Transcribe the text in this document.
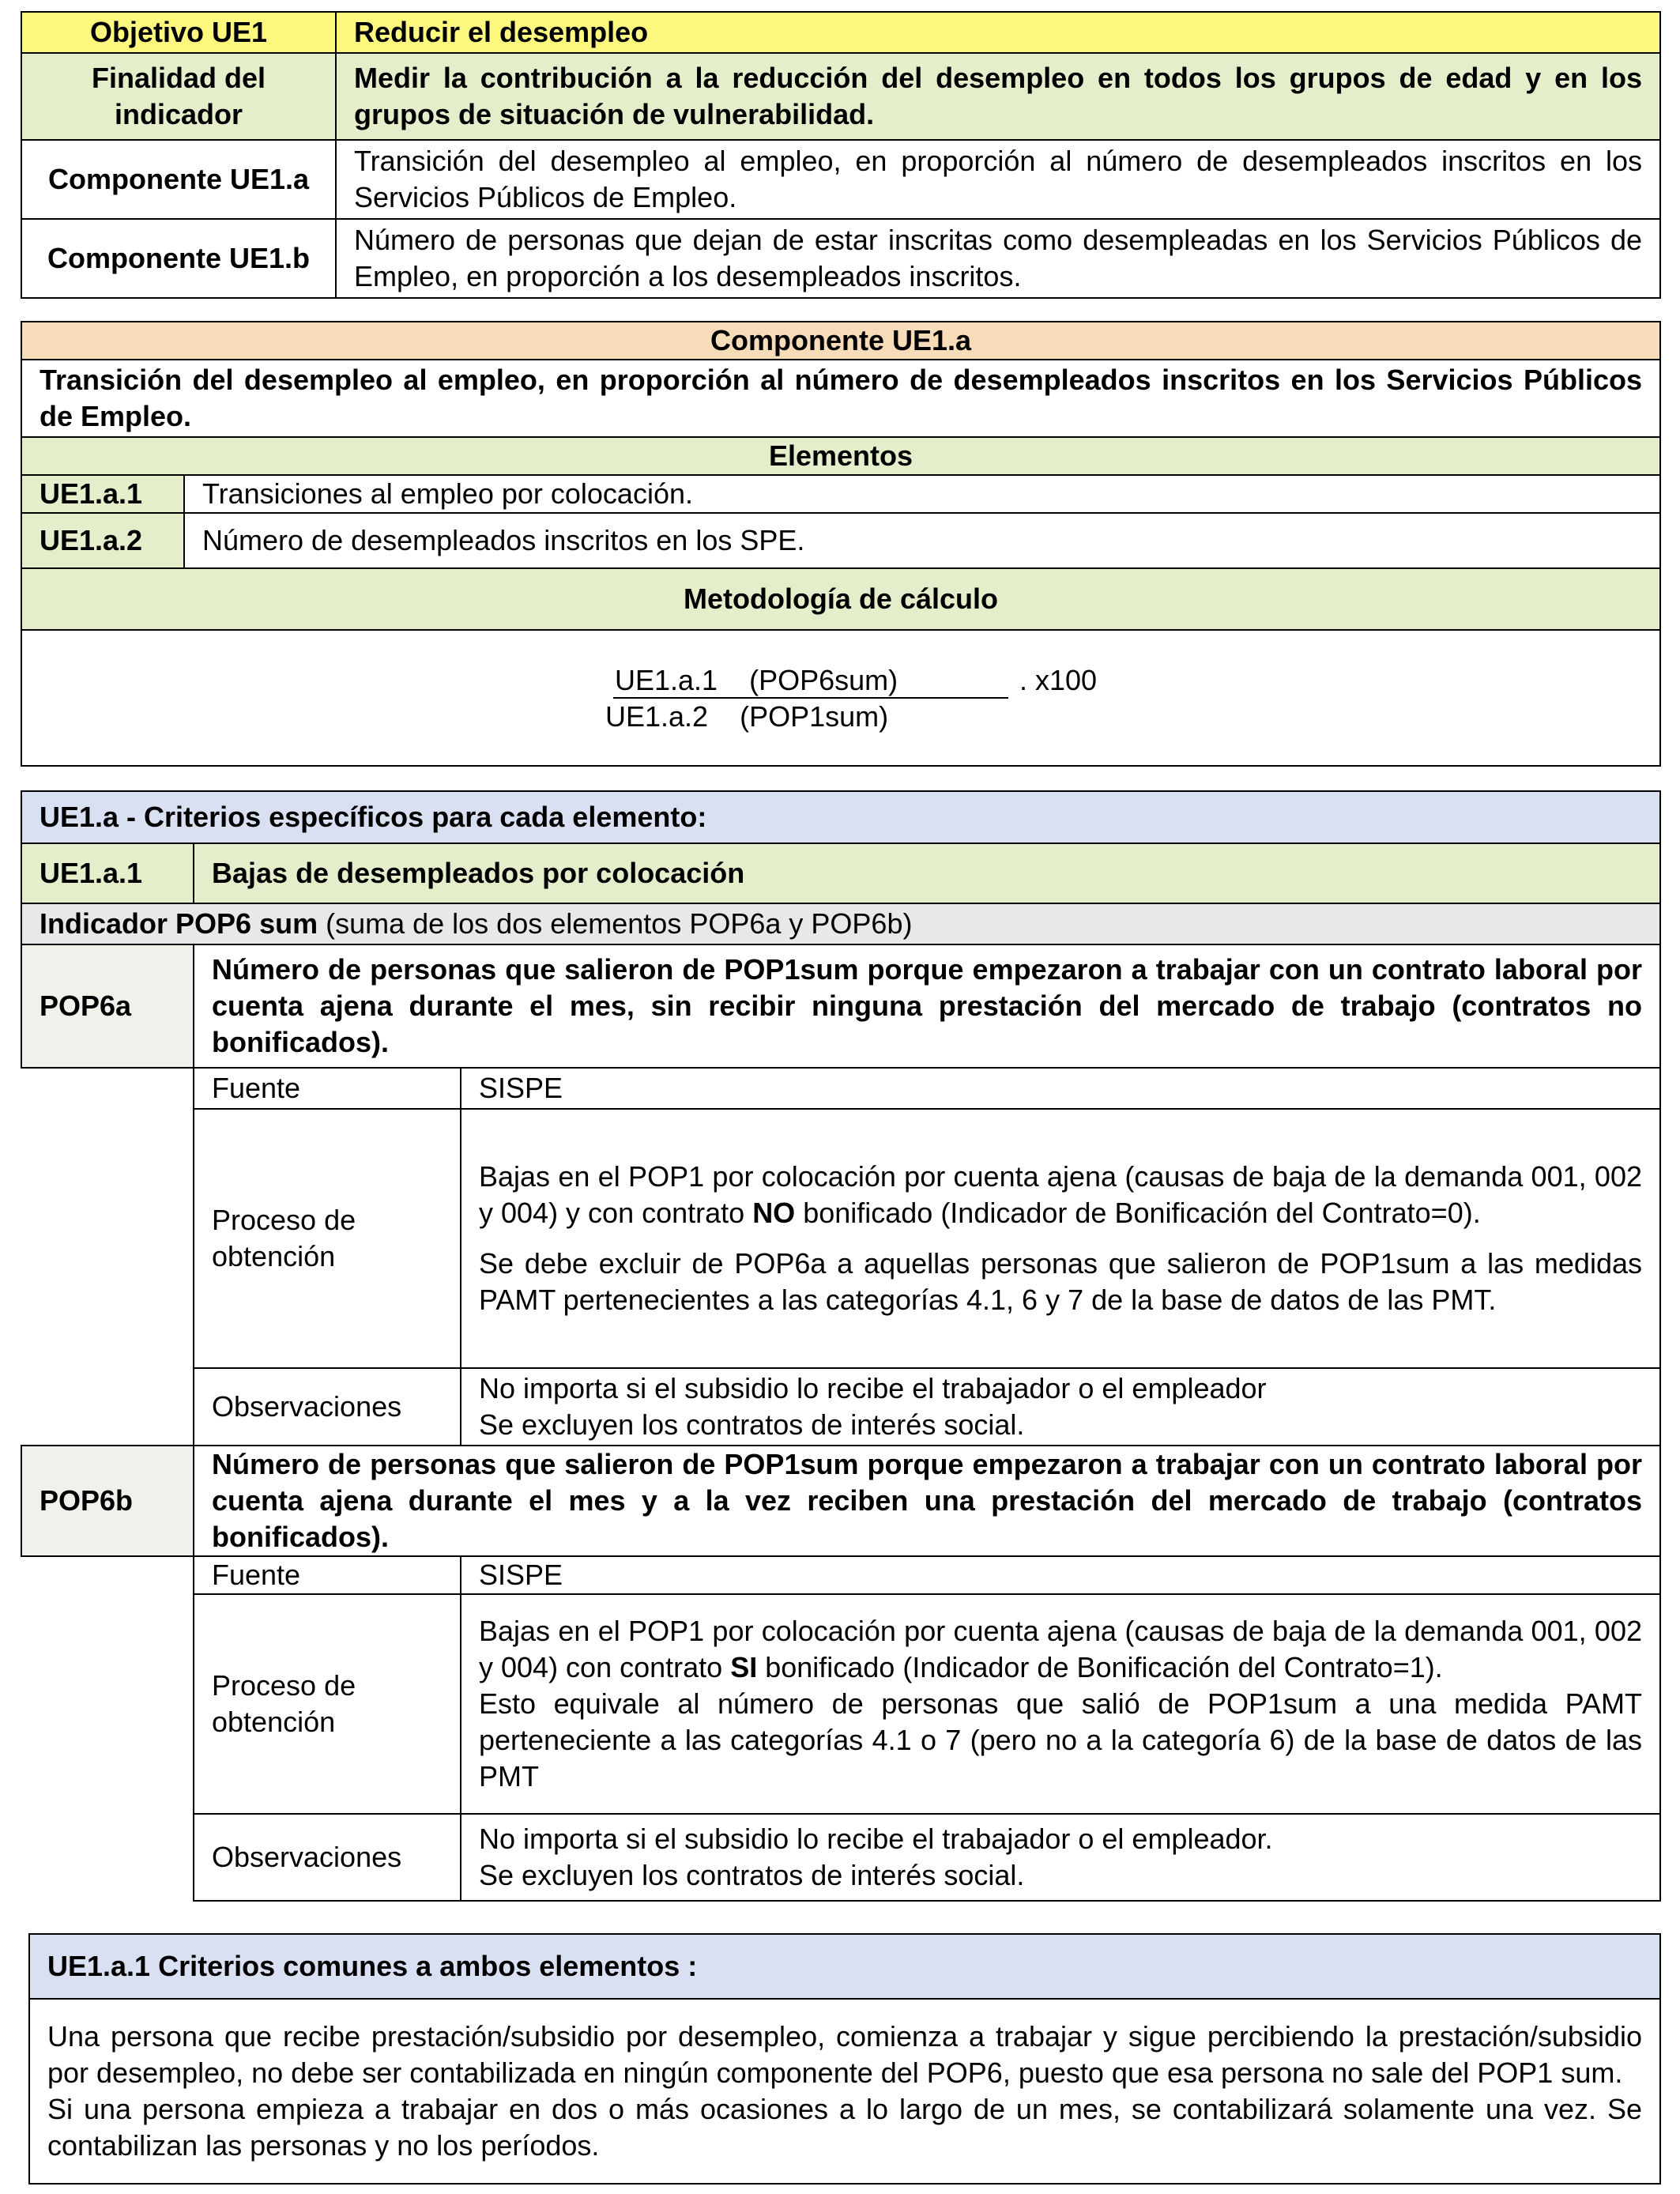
Objetivo UE1	Reducir el desempleo
Finalidad del indicador	Medir la contribución a la reducción del desempleo en todos los grupos de edad y en los grupos de situación de vulnerabilidad.
Componente UE1.a	Transición del desempleo al empleo, en proporción al número de desempleados inscritos en los Servicios Públicos de Empleo.
Componente UE1.b	Número de personas que dejan de estar inscritas como desempleadas en los Servicios Públicos de Empleo, en proporción a los desempleados inscritos.
Componente UE1.a	
Transición del desempleo al empleo, en proporción al número de desempleados inscritos en los Servicios Públicos de Empleo.	
Elementos	
UE1.a.1	Transiciones al empleo por colocación.
UE1.a.2	Número de desempleados inscritos en los SPE.
Metodología de cálculo	

UE1.a.1    (POP6sum) . x100
UE1.a.2    (POP1sum)	
UE1.a - Criterios específicos para cada elemento:		
UE1.a.1	Bajas de desempleados por colocación	
Indicador POP6 sum (suma de los dos elementos POP6a y POP6b)		
POP6a	Número de personas que salieron de POP1sum porque empezaron a trabajar con un contrato laboral por cuenta ajena durante el mes, sin recibir ninguna prestación del mercado de trabajo (contratos no bonificados).	
	Fuente	SISPE
	Proceso de obtención	Bajas en el POP1 por colocación por cuenta ajena (causas de baja de la demanda 001, 002 y 004) y con contrato NO bonificado (Indicador de Bonificación del Contrato=0).

Se debe excluir de POP6a a aquellas personas que salieron de POP1sum a las medidas PAMT pertenecientes a las categorías 4.1, 6 y 7 de la base de datos de las PMT.

	Observaciones	No importa si el subsidio lo recibe el trabajador o el empleador
Se excluyen los contratos de interés social.

POP6b	Número de personas que salieron de POP1sum porque empezaron a trabajar con un contrato laboral por cuenta ajena durante el mes y a la vez reciben una prestación del mercado de trabajo (contratos bonificados).	
	Fuente	SISPE
	Proceso de obtención	Bajas en el POP1 por colocación por cuenta ajena (causas de baja de la demanda 001, 002 y 004) con contrato SI bonificado (Indicador de Bonificación del Contrato=1).

Esto equivale al número de personas que salió de POP1sum a una medida PAMT perteneciente a las categorías 4.1 o 7 (pero no a la categoría 6) de la base de datos de las PMT

	Observaciones	No importa si el subsidio lo recibe el trabajador o el empleador.
Se excluyen los contratos de interés social.
UE1.a.1 Criterios comunes a ambos elementos :

Una persona que recibe prestación/subsidio por desempleo, comienza a trabajar y sigue percibiendo la prestación/subsidio por desempleo, no debe ser contabilizada en ningún componente del POP6, puesto que esa persona no sale del POP1 sum.

Si una persona empieza a trabajar en dos o más ocasiones a lo largo de un mes, se contabilizará solamente una vez. Se contabilizan las personas y no los períodos.
